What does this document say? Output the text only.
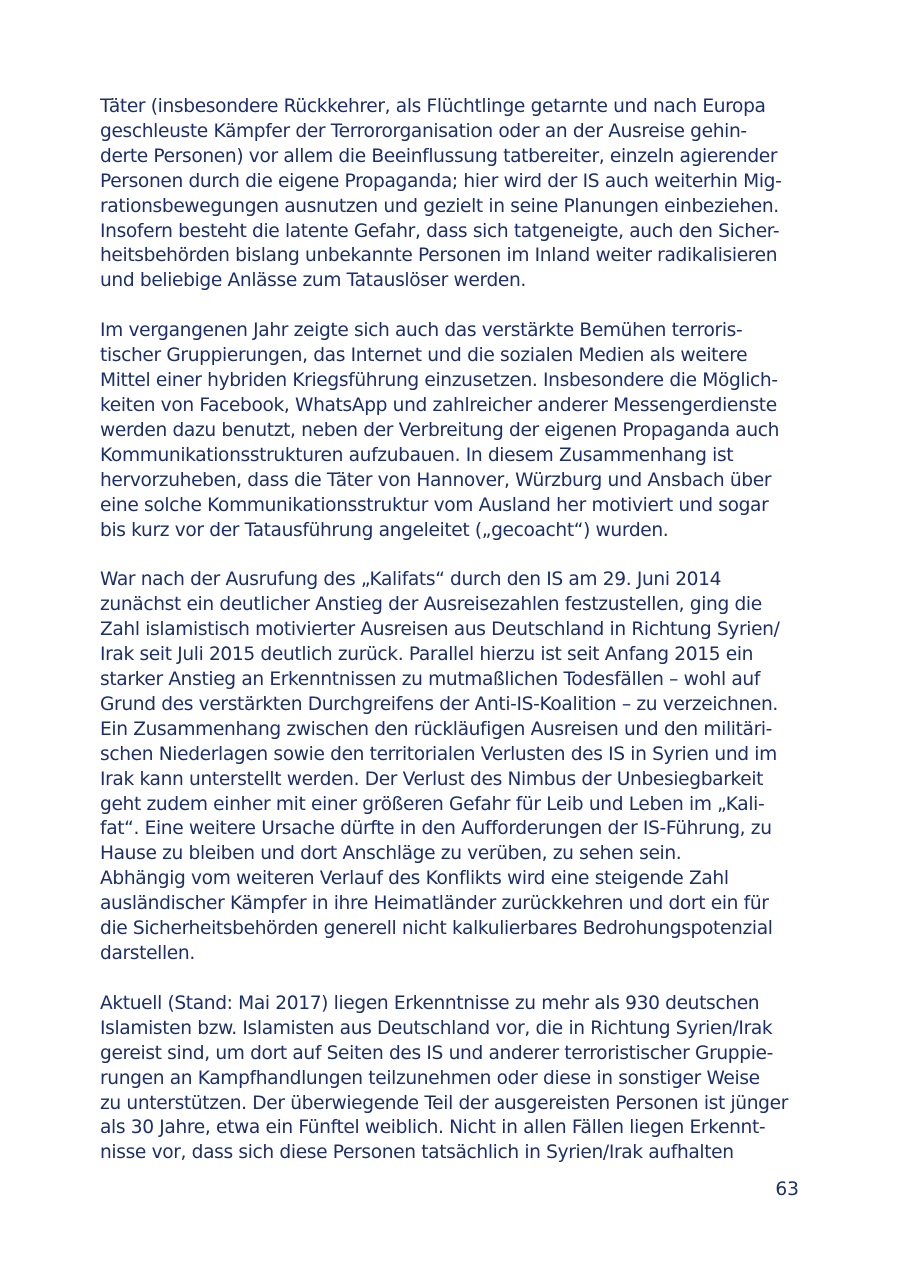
Täter (insbesondere Rückkehrer, als Flüchtlinge getarnte und nach Europa
geschleuste Kämpfer der Terrororganisation oder an der Ausreise gehin-
derte Personen) vor allem die Beeinflussung tatbereiter, einzeln agierender
Personen durch die eigene Propaganda; hier wird der IS auch weiterhin Mig-
rationsbewegungen ausnutzen und gezielt in seine Planungen einbeziehen.
Insofern besteht die latente Gefahr, dass sich tatgeneigte, auch den Sicher-
heitsbehörden bislang unbekannte Personen im Inland weiter radikalisieren
und beliebige Anlässe zum Tatauslöser werden.

Im vergangenen Jahr zeigte sich auch das verstärkte Bemühen terroris-
tischer Gruppierungen, das Internet und die sozialen Medien als weitere
Mittel einer hybriden Kriegsführung einzusetzen. Insbesondere die Möglich-
keiten von Facebook, WhatsApp und zahlreicher anderer Messengerdienste
werden dazu benutzt, neben der Verbreitung der eigenen Propaganda auch
Kommunikationsstrukturen aufzubauen. In diesem Zusammenhang ist
hervorzuheben, dass die Täter von Hannover, Würzburg und Ansbach über
eine solche Kommunikationsstruktur vom Ausland her motiviert und sogar
bis kurz vor der Tatausführung angeleitet („gecoacht“) wurden.

War nach der Ausrufung des „Kalifats“ durch den IS am 29. Juni 2014
zunächst ein deutlicher Anstieg der Ausreisezahlen festzustellen, ging die
Zahl islamistisch motivierter Ausreisen aus Deutschland in Richtung Syrien/
Irak seit Juli 2015 deutlich zurück. Parallel hierzu ist seit Anfang 2015 ein
starker Anstieg an Erkenntnissen zu mutmaßlichen Todesfällen – wohl auf
Grund des verstärkten Durchgreifens der Anti-IS-Koalition – zu verzeichnen.
Ein Zusammenhang zwischen den rückläufigen Ausreisen und den militäri-
schen Niederlagen sowie den territorialen Verlusten des IS in Syrien und im
Irak kann unterstellt werden. Der Verlust des Nimbus der Unbesiegbarkeit
geht zudem einher mit einer größeren Gefahr für Leib und Leben im „Kali-
fat“. Eine weitere Ursache dürfte in den Aufforderungen der IS-Führung, zu
Hause zu bleiben und dort Anschläge zu verüben, zu sehen sein.
Abhängig vom weiteren Verlauf des Konflikts wird eine steigende Zahl
ausländischer Kämpfer in ihre Heimatländer zurückkehren und dort ein für
die Sicherheitsbehörden generell nicht kalkulierbares Bedrohungspotenzial
darstellen.

Aktuell (Stand: Mai 2017) liegen Erkenntnisse zu mehr als 930 deutschen
Islamisten bzw. Islamisten aus Deutschland vor, die in Richtung Syrien/Irak
gereist sind, um dort auf Seiten des IS und anderer terroristischer Gruppie-
rungen an Kampfhandlungen teilzunehmen oder diese in sonstiger Weise
zu unterstützen. Der überwiegende Teil der ausgereisten Personen ist jünger
als 30 Jahre, etwa ein Fünftel weiblich. Nicht in allen Fällen liegen Erkennt-
nisse vor, dass sich diese Personen tatsächlich in Syrien/Irak aufhalten

63
